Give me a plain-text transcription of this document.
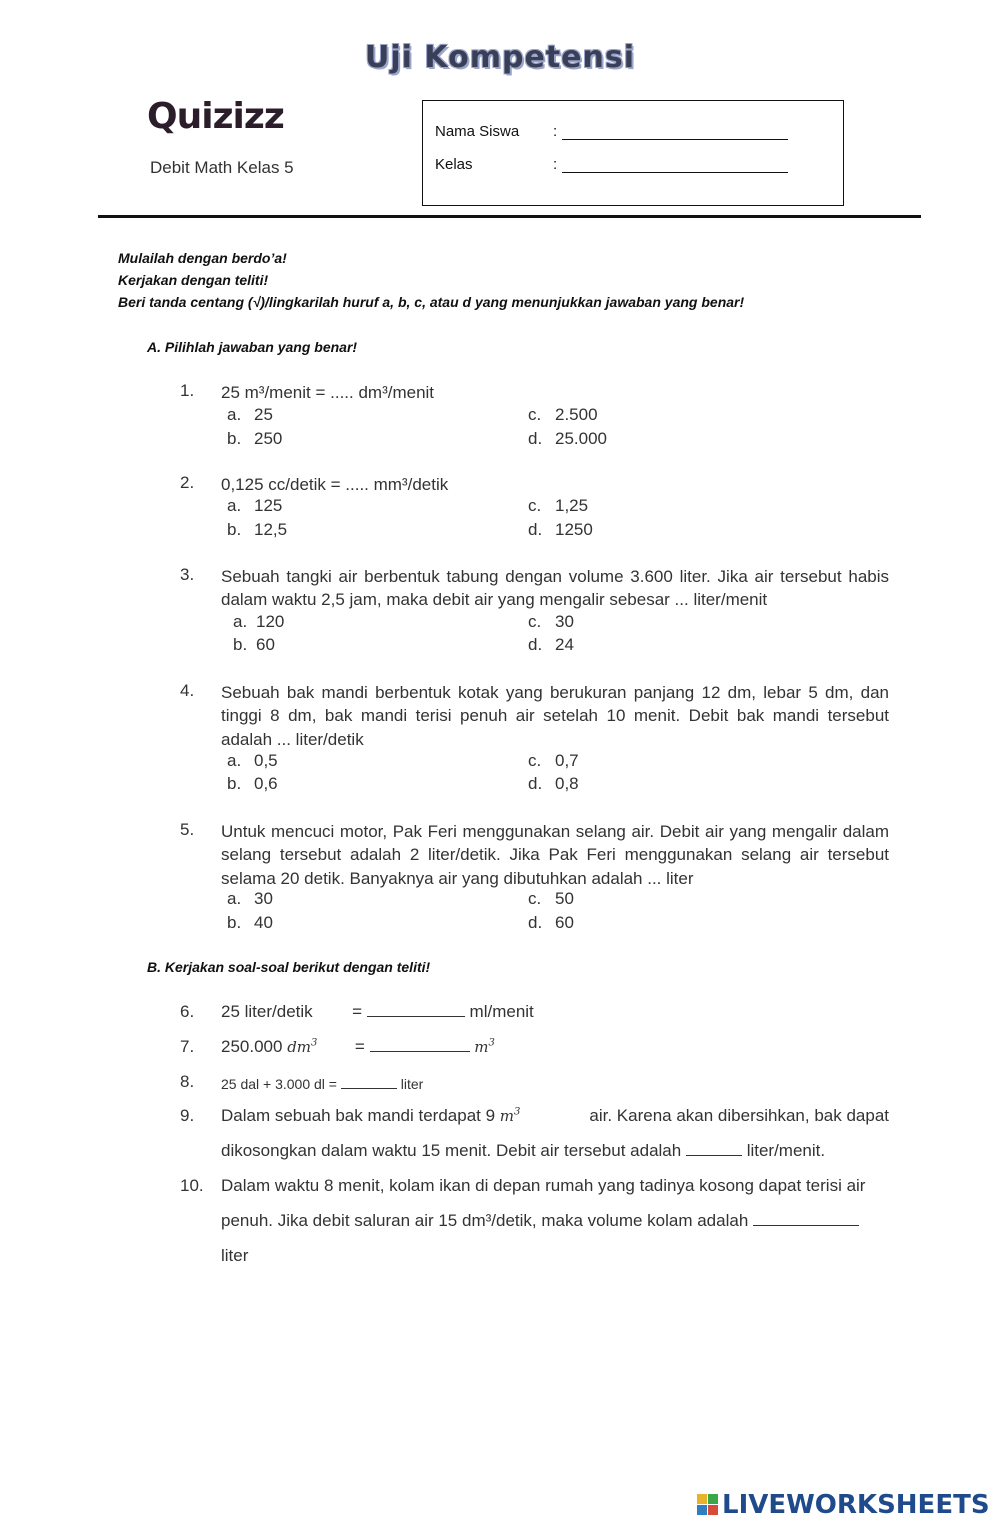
Uji Kompetensi
Quizizz
Debit Math Kelas 5
Nama Siswa :
Kelas	:
Mulailah dengan berdo’a!
Kerjakan dengan teliti!
Beri tanda centang (√)/lingkarilah huruf a, b, c, atau d yang menunjukkan jawaban yang benar!
A. Pilihlah jawaban yang benar!
1. 25 m³/menit = ..... dm³/menit
a. 25
b. 250
c. 2.500
d. 25.000
2. 0,125 cc/detik = ..... mm³/detik
a. 125
b. 12,5
c. 1,25
d. 1250
3. Sebuah tangki air berbentuk tabung dengan volume 3.600 liter. Jika air tersebut habis dalam waktu 2,5 jam, maka debit air yang mengalir sebesar ... liter/menit
a. 120
b. 60
c. 30
d. 24
4. Sebuah bak mandi berbentuk kotak yang berukuran panjang 12 dm, lebar 5 dm, dan tinggi 8 dm, bak mandi terisi penuh air setelah 10 menit. Debit bak mandi tersebut adalah ... liter/detik
a. 0,5
b. 0,6
c. 0,7
d. 0,8
5. Untuk mencuci motor, Pak Feri menggunakan selang air. Debit air yang mengalir dalam selang tersebut adalah 2 liter/detik. Jika Pak Feri menggunakan selang air tersebut selama 20 detik. Banyaknya air yang dibutuhkan adalah ... liter
a. 30
b. 40
c. 50
d. 60
B. Kerjakan soal-soal berikut dengan teliti!
6. 25 liter/detik =	ml/menit
7. 250.000 $dm^3$ =	$m^3$
8. 25 dal + 3.000 dl =	liter
9. Dalam sebuah bak mandi terdapat 9 $m^3$	air. Karena akan dibersihkan, bak dapat
dikosongkan dalam waktu 15 menit. Debit air tersebut adalah	liter/menit.
10. Dalam waktu 8 menit, kolam ikan di depan rumah yang tadinya kosong dapat terisi air
penuh. Jika debit saluran air 15 dm³/detik, maka volume kolam adalah
liter
LIVEWORKSHEETS
